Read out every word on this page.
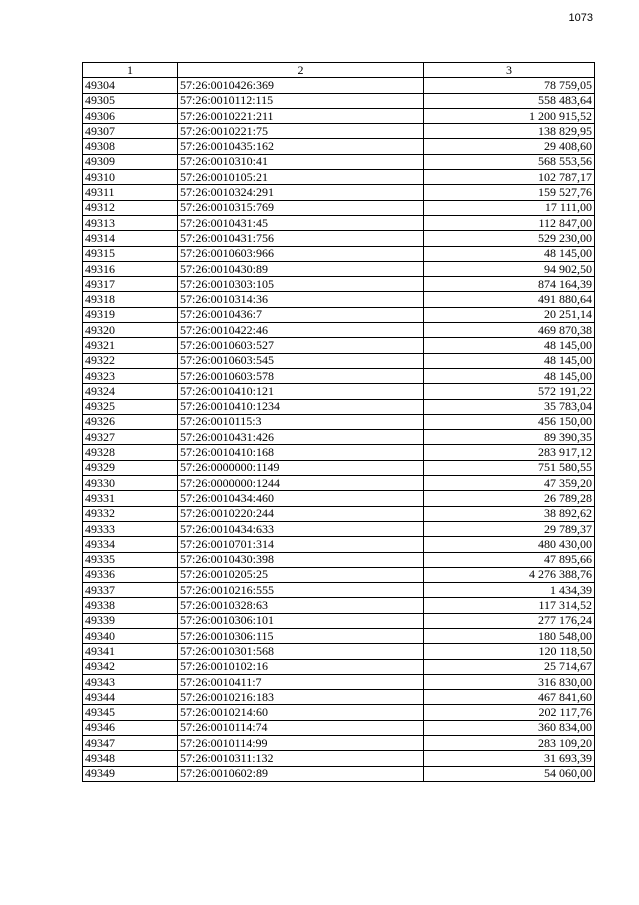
1073
1	2	3
49304	57:26:0010426:369	78 759,05
49305	57:26:0010112:115	558 483,64
49306	57:26:0010221:211	1 200 915,52
49307	57:26:0010221:75	138 829,95
49308	57:26:0010435:162	29 408,60
49309	57:26:0010310:41	568 553,56
49310	57:26:0010105:21	102 787,17
49311	57:26:0010324:291	159 527,76
49312	57:26:0010315:769	17 111,00
49313	57:26:0010431:45	112 847,00
49314	57:26:0010431:756	529 230,00
49315	57:26:0010603:966	48 145,00
49316	57:26:0010430:89	94 902,50
49317	57:26:0010303:105	874 164,39
49318	57:26:0010314:36	491 880,64
49319	57:26:0010436:7	20 251,14
49320	57:26:0010422:46	469 870,38
49321	57:26:0010603:527	48 145,00
49322	57:26:0010603:545	48 145,00
49323	57:26:0010603:578	48 145,00
49324	57:26:0010410:121	572 191,22
49325	57:26:0010410:1234	35 783,04
49326	57:26:0010115:3	456 150,00
49327	57:26:0010431:426	89 390,35
49328	57:26:0010410:168	283 917,12
49329	57:26:0000000:1149	751 580,55
49330	57:26:0000000:1244	47 359,20
49331	57:26:0010434:460	26 789,28
49332	57:26:0010220:244	38 892,62
49333	57:26:0010434:633	29 789,37
49334	57:26:0010701:314	480 430,00
49335	57:26:0010430:398	47 895,66
49336	57:26:0010205:25	4 276 388,76
49337	57:26:0010216:555	1 434,39
49338	57:26:0010328:63	117 314,52
49339	57:26:0010306:101	277 176,24
49340	57:26:0010306:115	180 548,00
49341	57:26:0010301:568	120 118,50
49342	57:26:0010102:16	25 714,67
49343	57:26:0010411:7	316 830,00
49344	57:26:0010216:183	467 841,60
49345	57:26:0010214:60	202 117,76
49346	57:26:0010114:74	360 834,00
49347	57:26:0010114:99	283 109,20
49348	57:26:0010311:132	31 693,39
49349	57:26:0010602:89	54 060,00
